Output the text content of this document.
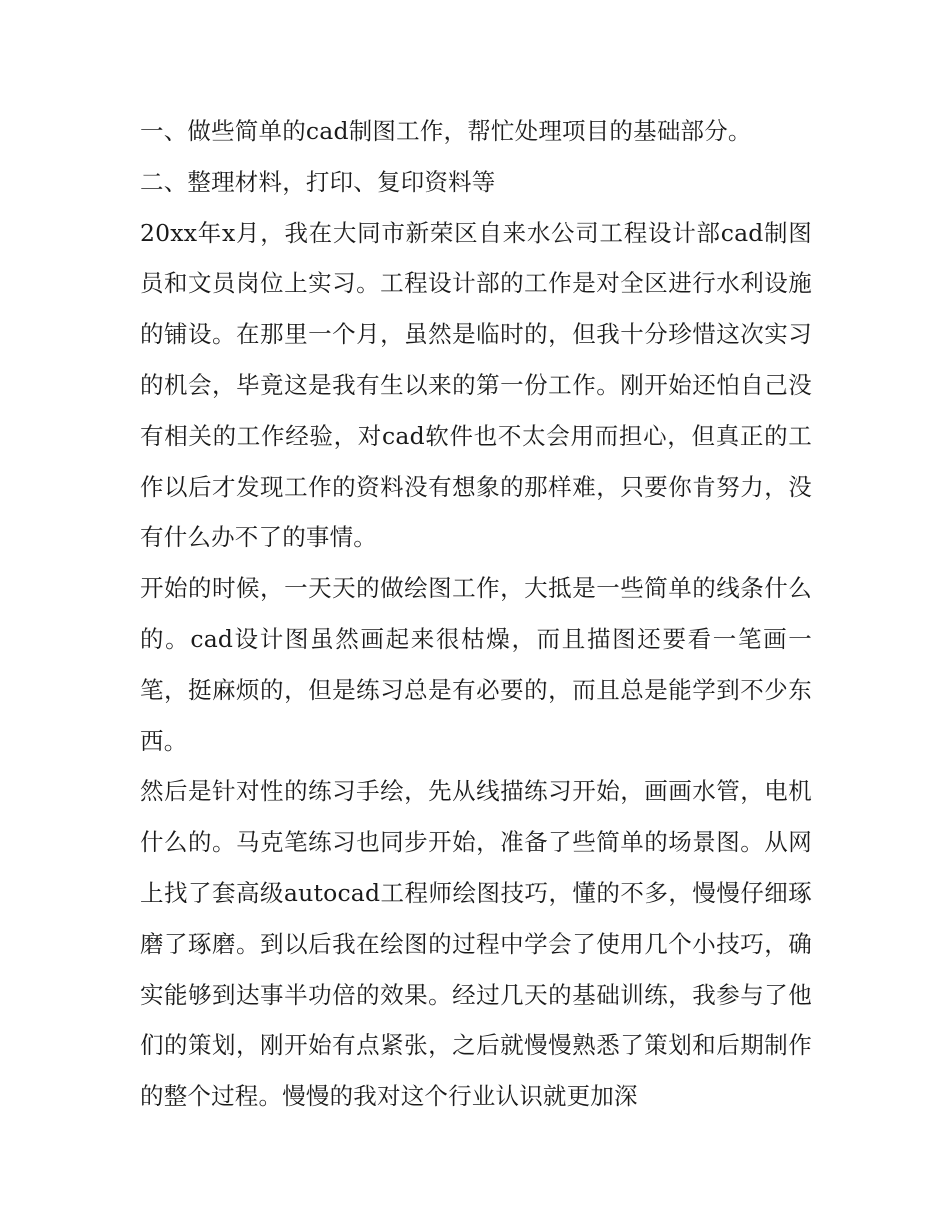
一、做些简单的cad制图工作，帮忙处理项目的基础部分。

二、整理材料，打印、复印资料等

20xx年x月，我在大同市新荣区自来水公司工程设计部cad制图员和文员岗位上实习。工程设计部的工作是对全区进行水利设施的铺设。在那里一个月，虽然是临时的，但我十分珍惜这次实习的机会，毕竟这是我有生以来的第一份工作。刚开始还怕自己没有相关的工作经验，对cad软件也不太会用而担心，但真正的工作以后才发现工作的资料没有想象的那样难，只要你肯努力，没有什么办不了的事情。

开始的时候，一天天的做绘图工作，大抵是一些简单的线条什么的。cad设计图虽然画起来很枯燥，而且描图还要看一笔画一笔，挺麻烦的，但是练习总是有必要的，而且总是能学到不少东西。

然后是针对性的练习手绘，先从线描练习开始，画画水管，电机什么的。马克笔练习也同步开始，准备了些简单的场景图。从网上找了套高级autocad工程师绘图技巧，懂的不多，慢慢仔细琢磨了琢磨。到以后我在绘图的过程中学会了使用几个小技巧，确实能够到达事半功倍的效果。经过几天的基础训练，我参与了他们的策划，刚开始有点紧张，之后就慢慢熟悉了策划和后期制作的整个过程。慢慢的我对这个行业认识就更加深
